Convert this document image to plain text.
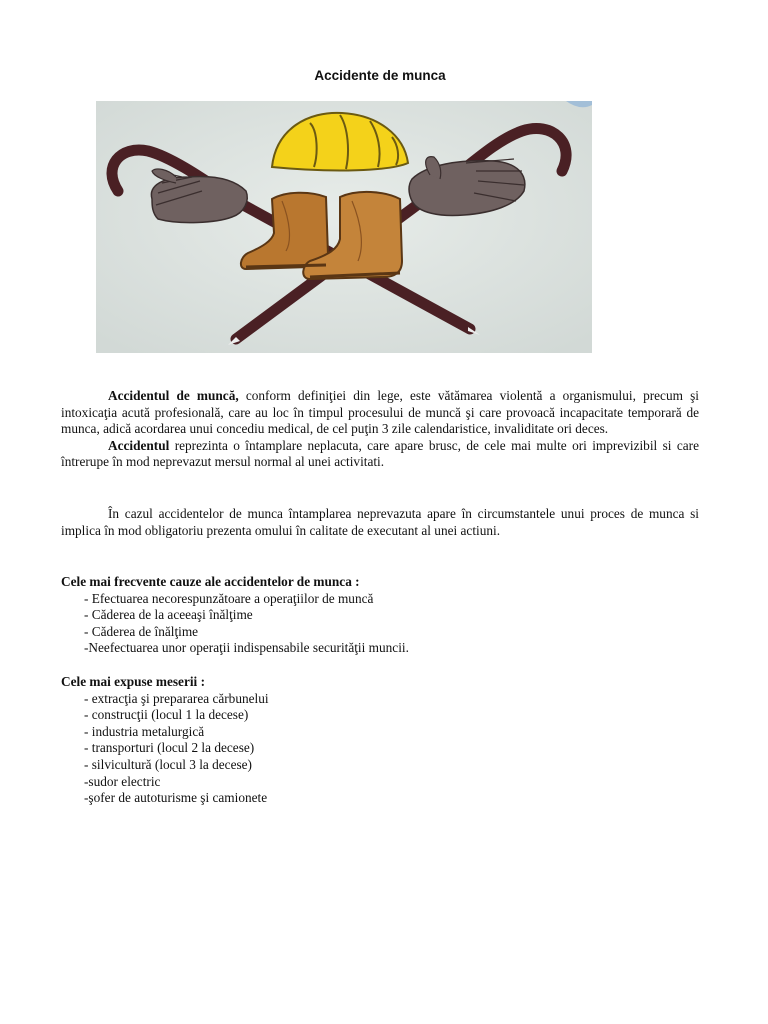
Accidente de munca

Accidentul de muncă, conform definiţiei din lege, este vătămarea violentă a organismului, precum şi intoxicaţia acută profesională, care au loc în timpul procesului de muncă şi care provoacă incapacitate temporară de munca, adică acordarea unui concediu medical, de cel puţin 3 zile calendaristice, invaliditate ori deces.

Accidentul reprezinta o întamplare neplacuta, care apare brusc, de cele mai multe ori imprevizibil si care întrerupe în mod neprevazut mersul normal al unei activitati.

În cazul accidentelor de munca întamplarea neprevazuta apare în circumstantele unui proces de munca si implica în mod obligatoriu prezenta omului în calitate de executant al unei actiuni.

Cele mai frecvente cauze ale accidentelor de munca :

- Efectuarea necorespunzătoare a operaţiilor de muncă
- Căderea de la aceeaşi înălţime
- Căderea de înălţime
-Neefectuarea unor operaţii indispensabile securităţii muncii.

Cele mai expuse meserii :

- extracţia şi prepararea cărbunelui
- construcţii (locul 1 la decese)
- industria metalurgică
- transporturi (locul 2 la decese)
- silvicultură (locul 3 la decese)
-sudor electric
-şofer de autoturisme şi camionete
